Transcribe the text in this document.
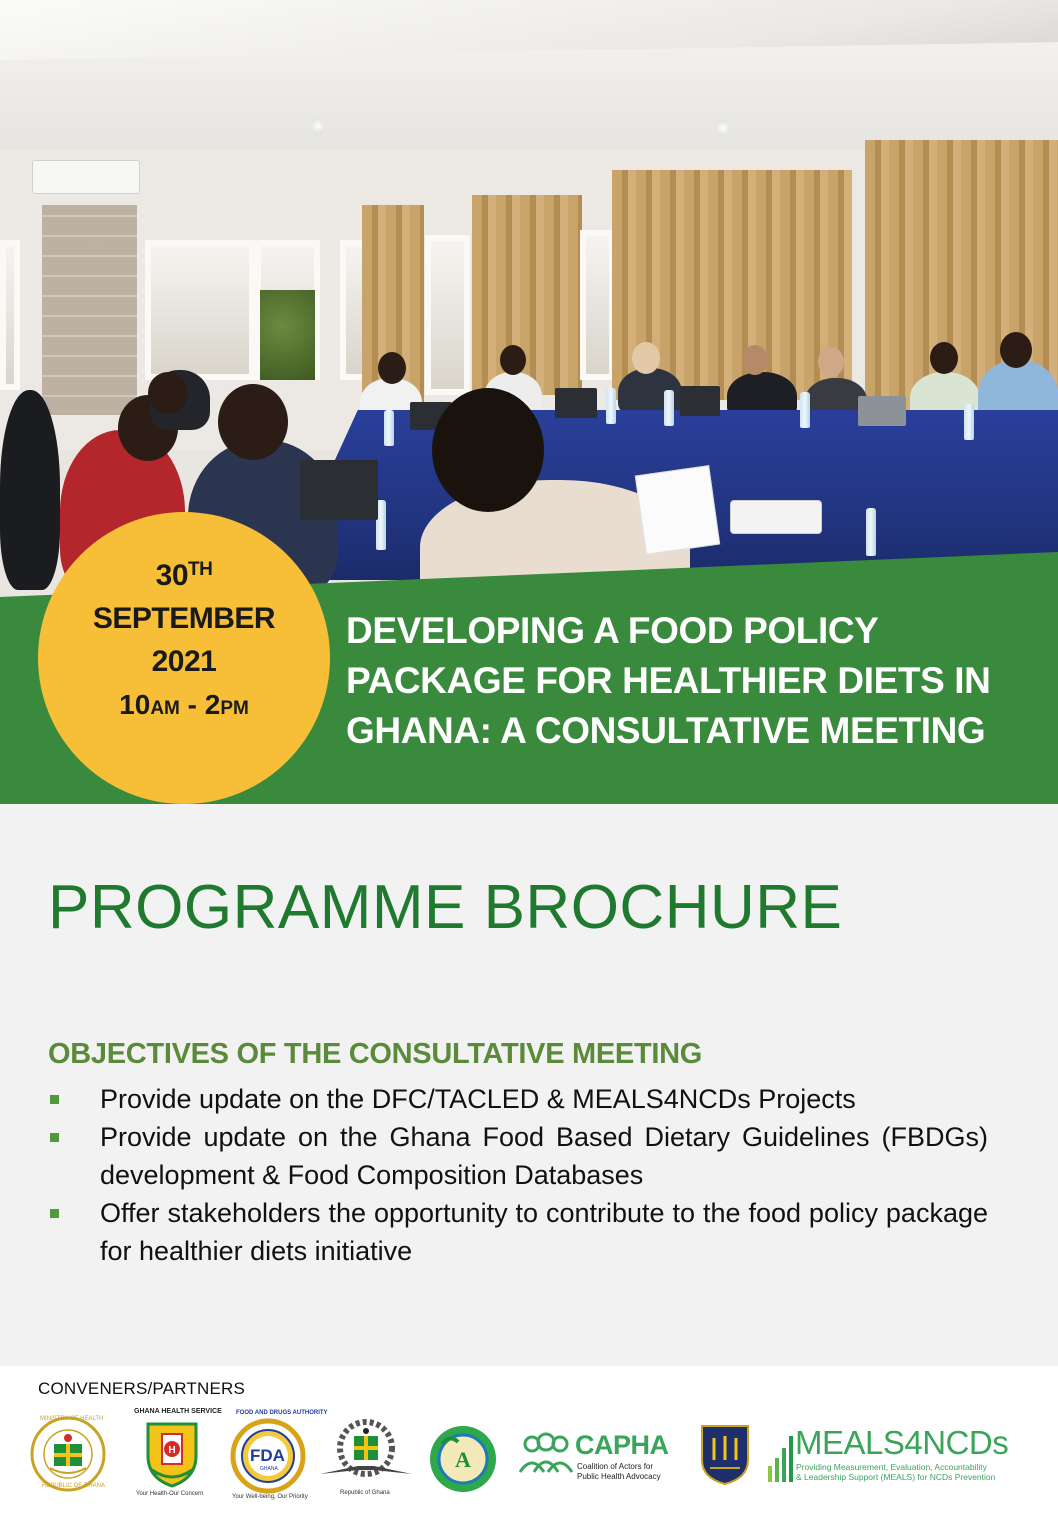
30TH
SEPTEMBER
2021
10AM - 2PM
DEVELOPING A FOOD POLICY
PACKAGE FOR HEALTHIER DIETS IN
GHANA: A CONSULTATIVE MEETING
PROGRAMME BROCHURE
OBJECTIVES OF THE CONSULTATIVE MEETING
Provide update on the DFC/TACLED & MEALS4NCDs Projects
Provide update on the Ghana Food Based Dietary Guidelines (FBDGs) development & Food Composition Databases
Offer stakeholders the opportunity to contribute to the food policy package for healthier diets initiative
CONVENERS/PARTNERS
MINISTRY OF HEALTH
REPUBLIC OF GHANA
GHANA HEALTH SERVICE
H
Your Health-Our Concern
FOOD AND DRUGS AUTHORITY
FDA
GHANA
Your Well-being, Our Priority
Republic of Ghana
A	CAPHA
Coalition of Actors for
Public Health Advocacy
MEALS4NCDs
Providing Measurement, Evaluation, Accountability
& Leadership Support (MEALS) for NCDs Prevention
